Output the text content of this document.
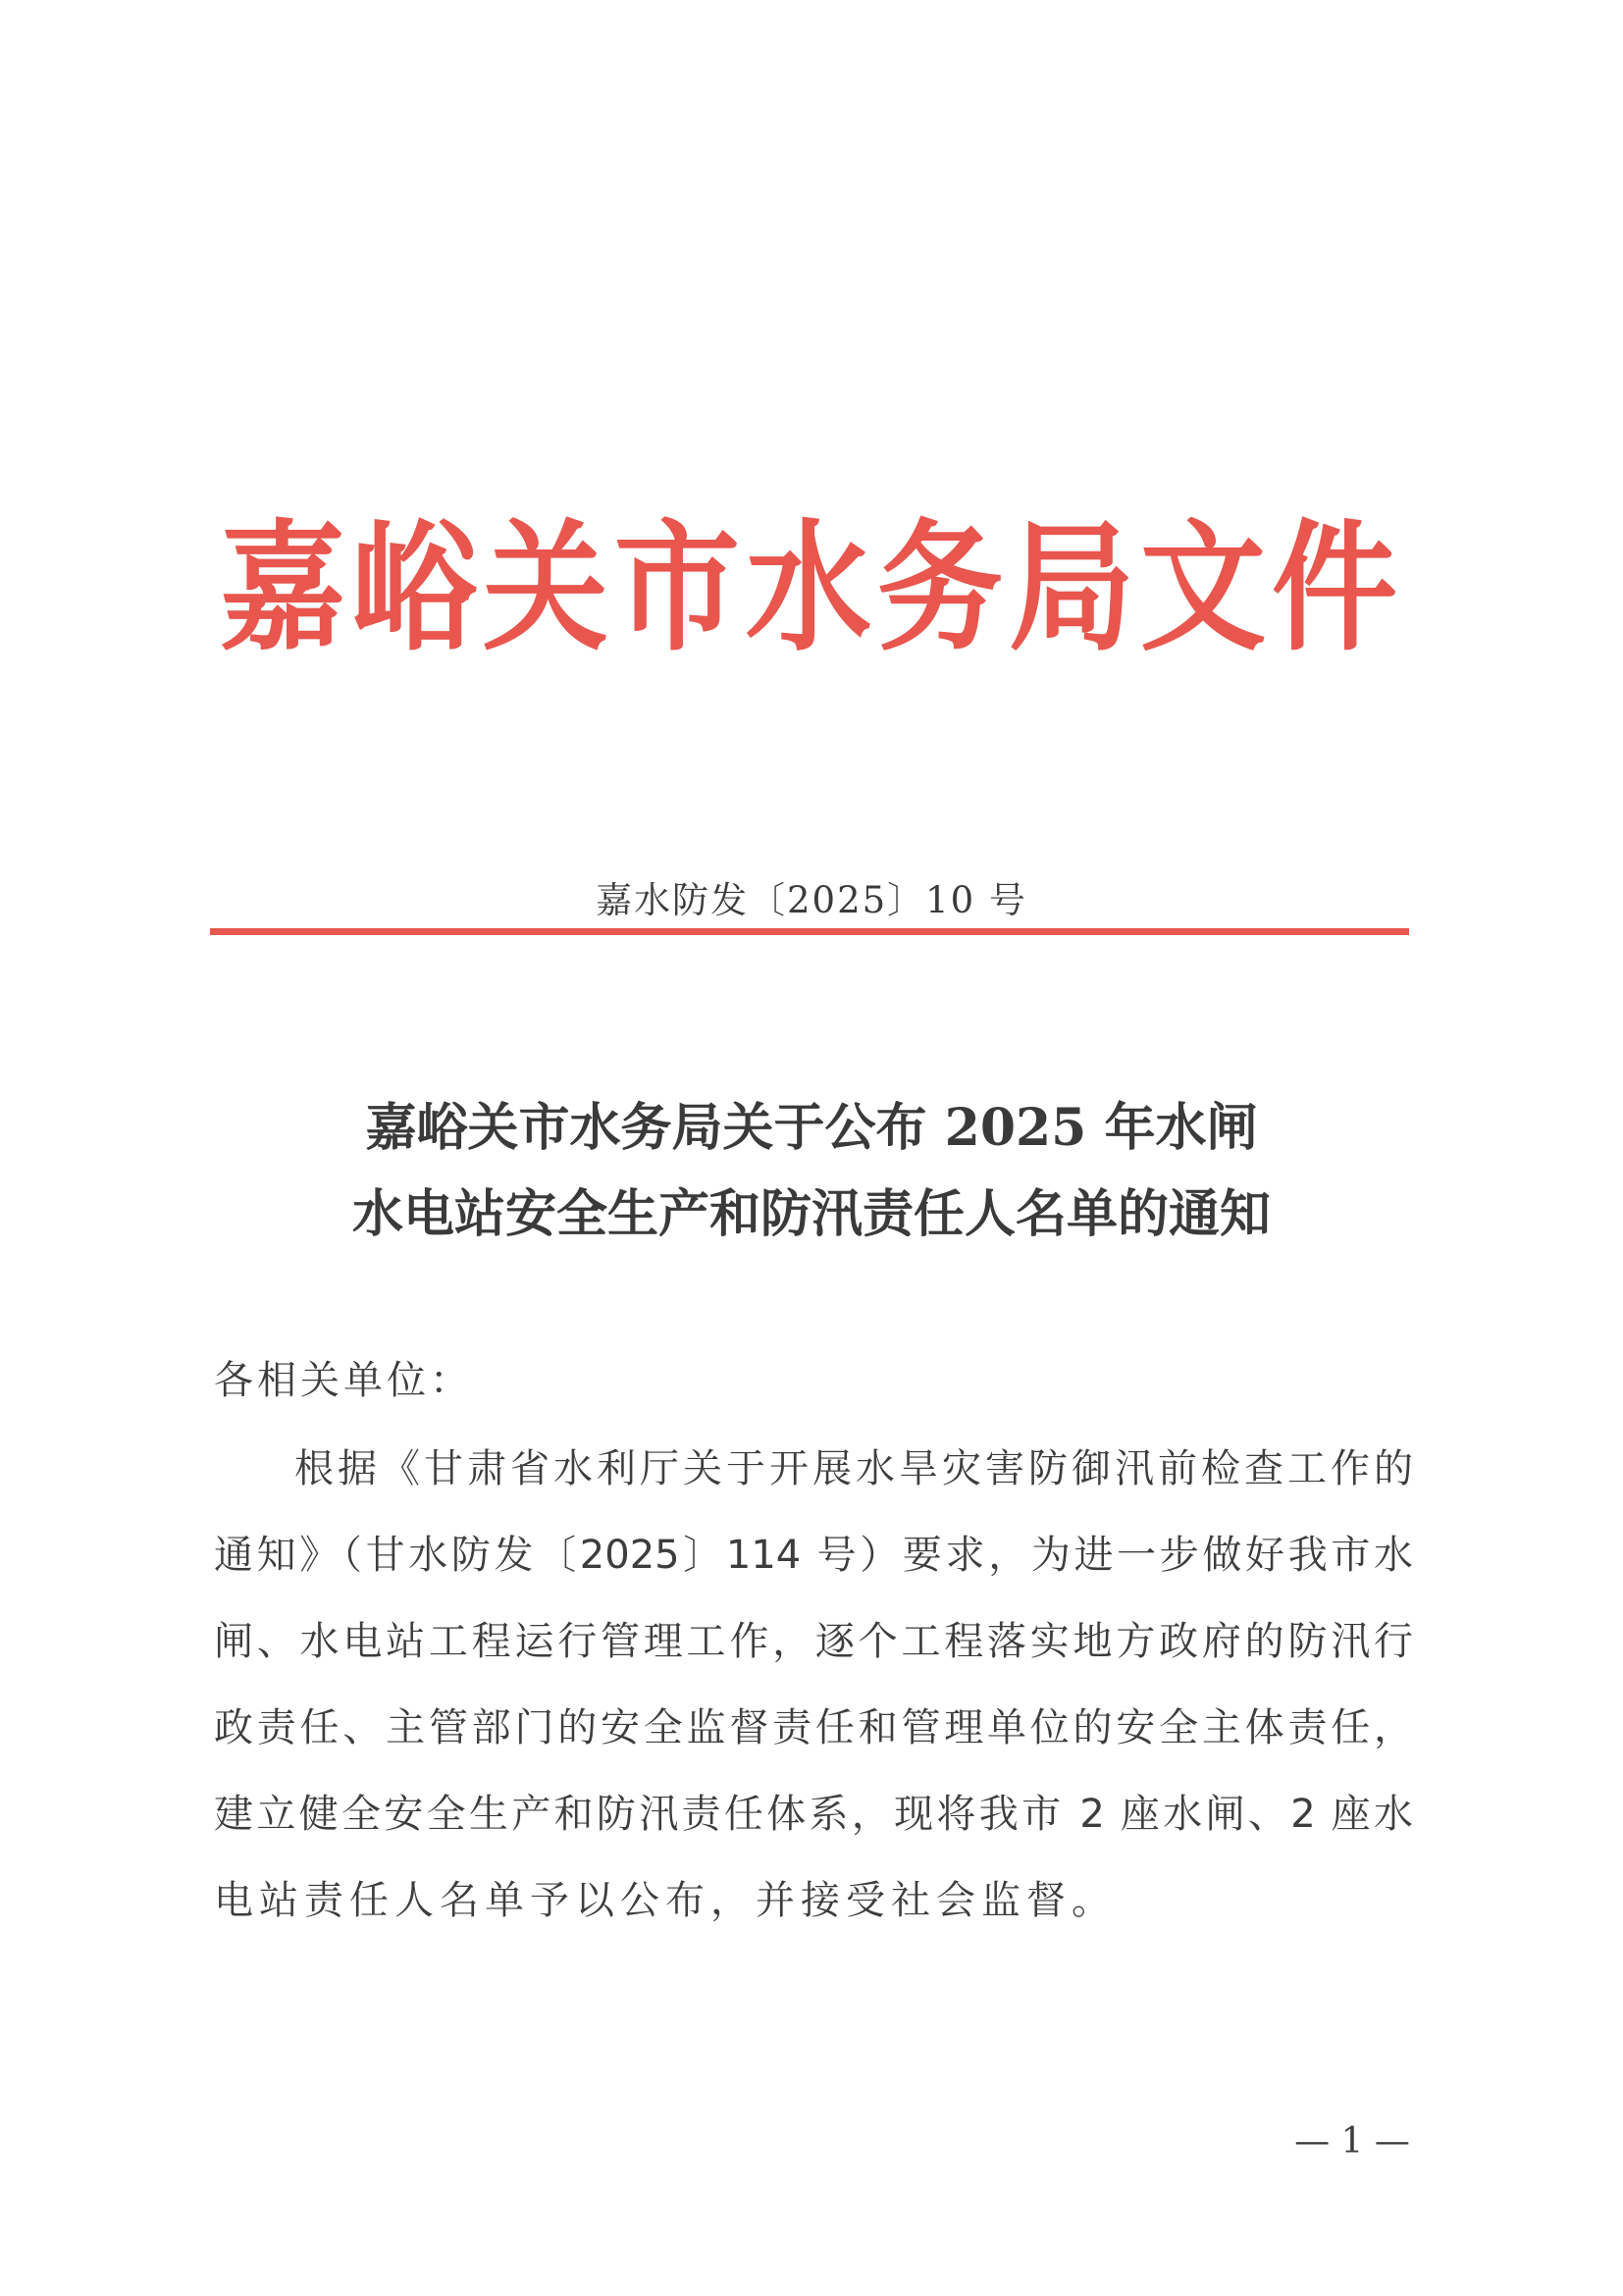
嘉峪关市水务局文件
嘉水防发〔2025〕10 号
嘉峪关市水务局关于公布 2025 年水闸
水电站安全生产和防汛责任人名单的通知
各相关单位：
根据《甘肃省水利厅关于开展水旱灾害防御汛前检查工作的
通知》（甘水防发〔2025〕114 号）要求，为进一步做好我市水
闸、水电站工程运行管理工作，逐个工程落实地方政府的防汛行
政责任、主管部门的安全监督责任和管理单位的安全主体责任，
建立健全安全生产和防汛责任体系，现将我市 2 座水闸、2 座水
电站责任人名单予以公布，并接受社会监督。
— 1 —
